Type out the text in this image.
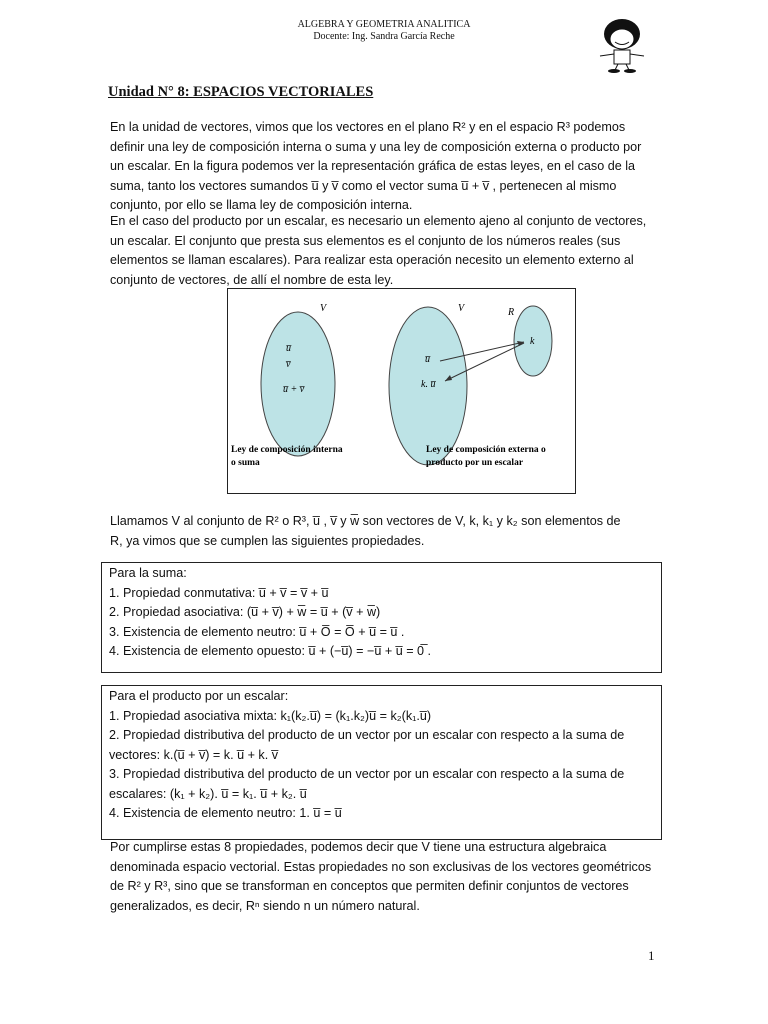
ALGEBRA Y GEOMETRIA ANALITICA
Docente: Ing. Sandra García Reche
Unidad N° 8: ESPACIOS VECTORIALES
En la unidad de vectores, vimos que los vectores en el plano R² y en el espacio R³ podemos
definir una ley de composición interna o suma y una ley de composición externa o producto por
un escalar. En la figura podemos ver la representación gráfica de estas leyes, en el caso de la
suma, tanto los vectores sumandos u̅ y v̅ como el vector suma u̅ + v̅ , pertenecen al mismo
conjunto, por ello se llama ley de composición interna.
En el caso del producto por un escalar, es necesario un elemento ajeno al conjunto de vectores,
un escalar. El conjunto que presta sus elementos es el conjunto de los números reales (sus
elementos se llaman escalares). Para realizar esta operación necesito un elemento externo al
conjunto de vectores, de allí el nombre de esta ley.
V
u̅
v̅
u̅ + v̅
V	R
k
u̅
k. u̅
Ley de composición interna
o suma
Ley de composición externa o
producto por un escalar
Llamamos V al conjunto de R² o R³, u̅ , v̅ y w̅ son vectores de V, k, k₁ y k₂ son elementos de
R, ya vimos que se cumplen las siguientes propiedades.
Para la suma:
1. Propiedad conmutativa: u̅ + v̅ = v̅ + u̅
2. Propiedad asociativa: (u̅ + v̅) + w̅ = u̅ + (v̅ + w̅)
3. Existencia de elemento neutro: u̅ + O̅ = O̅ + u̅ = u̅ .
4. Existencia de elemento opuesto: u̅ + (−u̅) = −u̅ + u̅ = 0̅ .
Para el producto por un escalar:
1. Propiedad asociativa mixta: k₁(k₂.u̅) = (k₁.k₂)u̅ = k₂(k₁.u̅)
2. Propiedad distributiva del producto de un vector por un escalar con respecto a la suma de
vectores: k.(u̅ + v̅) = k. u̅ + k. v̅
3. Propiedad distributiva del producto de un vector por un escalar con respecto a la suma de
escalares: (k₁ + k₂). u̅ = k₁. u̅ + k₂. u̅
4. Existencia de elemento neutro: 1. u̅ = u̅
Por cumplirse estas 8 propiedades, podemos decir que V tiene una estructura algebraica
denominada espacio vectorial. Estas propiedades no son exclusivas de los vectores geométricos
de R² y R³, sino que se transforman en conceptos que permiten definir conjuntos de vectores
generalizados, es decir, Rⁿ siendo n un número natural.
1
